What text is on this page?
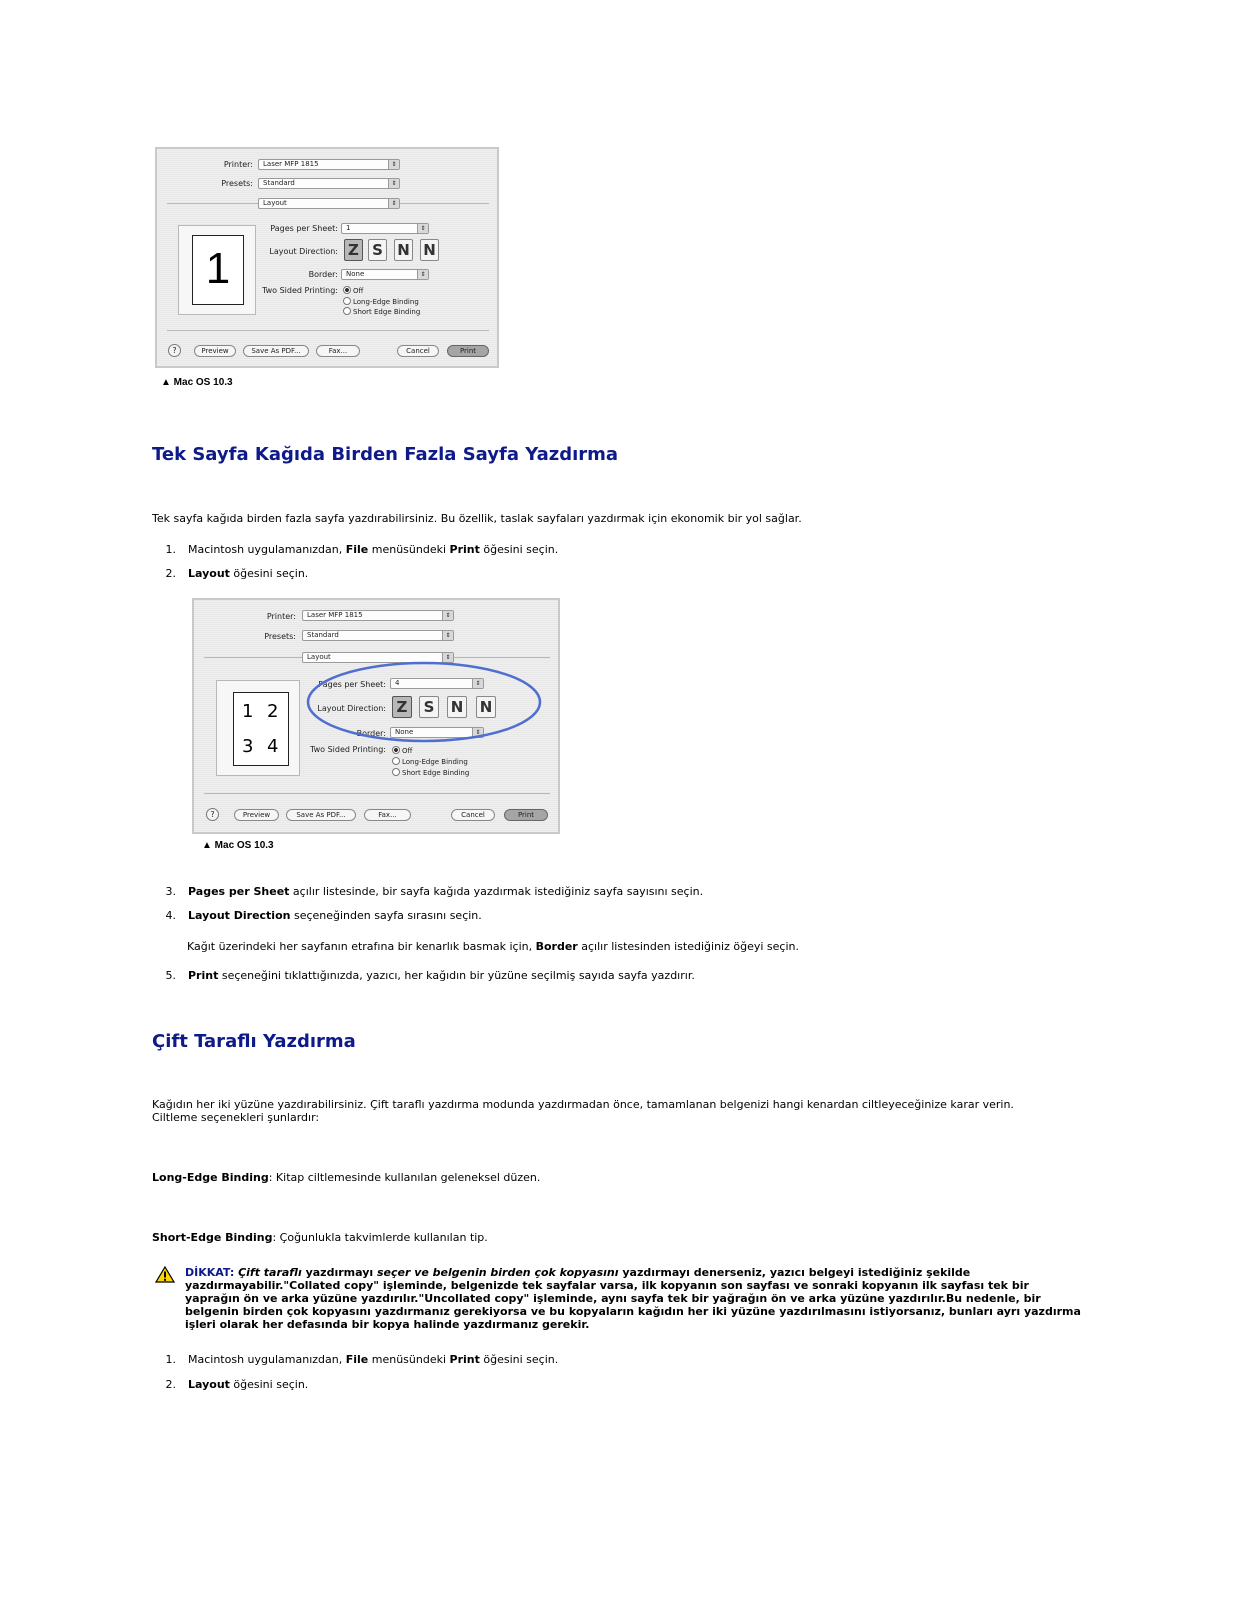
Printer:	Laser MFP 1815	⇕
Presets:	Standard	⇕
Layout	⇕
1
Pages per Sheet:	1	⇕
Layout Direction: Z S N N
Border:	None	⇕
Two Sided Printing:	Off
Long-Edge Binding
Short Edge Binding
?	Preview	Save As PDF...	Fax...	Cancel	Print
▲ Mac OS 10.3
Tek Sayfa Kağıda Birden Fazla Sayfa Yazdırma
Tek sayfa kağıda birden fazla sayfa yazdırabilirsiniz. Bu özellik, taslak sayfaları yazdırmak için ekonomik bir yol sağlar.
1. Macintosh uygulamanızdan, File menüsündeki Print öğesini seçin.
2. Layout öğesini seçin.
Printer:	Laser MFP 1815	⇕
Presets:	Standard	⇕
Layout	⇕
1 2
3 4
Pages per Sheet:	4	⇕
Layout Direction: Z	S	N N
Border:	None	⇕
Two Sided Printing:	Off
Long-Edge Binding
Short Edge Binding
?	Preview	Save As PDF...	Fax...	Cancel	Print
▲ Mac OS 10.3
3. Pages per Sheet açılır listesinde, bir sayfa kağıda yazdırmak istediğiniz sayfa sayısını seçin.
4. Layout Direction seçeneğinden sayfa sırasını seçin.
Kağıt üzerindeki her sayfanın etrafına bir kenarlık basmak için, Border açılır listesinden istediğiniz öğeyi seçin.
5. Print seçeneğini tıklattığınızda, yazıcı, her kağıdın bir yüzüne seçilmiş sayıda sayfa yazdırır.
Çift Taraflı Yazdırma
Kağıdın her iki yüzüne yazdırabilirsiniz. Çift taraflı yazdırma modunda yazdırmadan önce, tamamlanan belgenizi hangi kenardan ciltleyeceğinize karar verin.
Ciltleme seçenekleri şunlardır:
Long-Edge Binding: Kitap ciltlemesinde kullanılan geleneksel düzen.
Short-Edge Binding: Çoğunlukla takvimlerde kullanılan tip.
DİKKAT: Çift taraflı yazdırmayı seçer ve belgenin birden çok kopyasını yazdırmayı denerseniz, yazıcı belgeyi istediğiniz şekilde
yazdırmayabilir."Collated copy" işleminde, belgenizde tek sayfalar varsa, ilk kopyanın son sayfası ve sonraki kopyanın ilk sayfası tek bir
yaprağın ön ve arka yüzüne yazdırılır."Uncollated copy" işleminde, aynı sayfa tek bir yağrağın ön ve arka yüzüne yazdırılır.Bu nedenle, bir
belgenin birden çok kopyasını yazdırmanız gerekiyorsa ve bu kopyaların kağıdın her iki yüzüne yazdırılmasını istiyorsanız, bunları ayrı yazdırma
işleri olarak her defasında bir kopya halinde yazdırmanız gerekir.
1. Macintosh uygulamanızdan, File menüsündeki Print öğesini seçin.
2. Layout öğesini seçin.
